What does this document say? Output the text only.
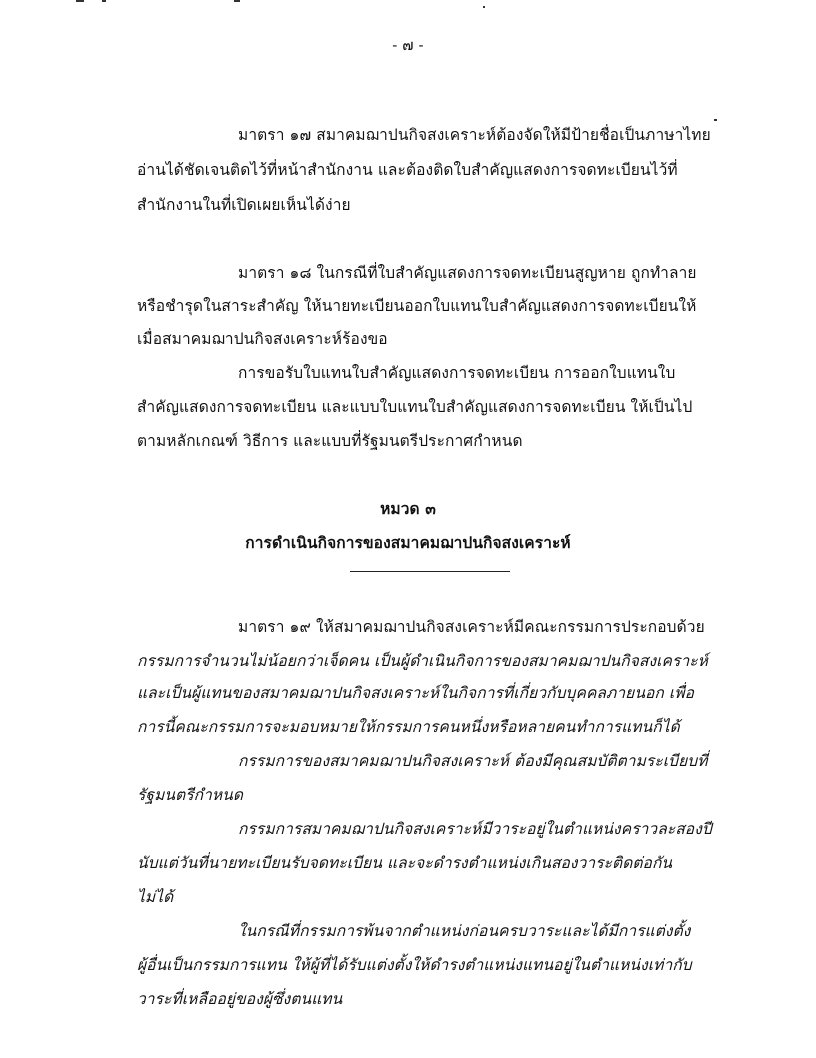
- ๗ -
มาตรา ๑๗ สมาคมฌาปนกิจสงเคราะห์ต้องจัดให้มีป้ายชื่อเป็นภาษาไทย
อ่านได้ชัดเจนติดไว้ที่หน้าสำนักงาน และต้องติดใบสำคัญแสดงการจดทะเบียนไว้ที่
สำนักงานในที่เปิดเผยเห็นได้ง่าย
มาตรา ๑๘ ในกรณีที่ใบสำคัญแสดงการจดทะเบียนสูญหาย ถูกทำลาย
หรือชำรุดในสาระสำคัญ ให้นายทะเบียนออกใบแทนใบสำคัญแสดงการจดทะเบียนให้
เมื่อสมาคมฌาปนกิจสงเคราะห์ร้องขอ
การขอรับใบแทนใบสำคัญแสดงการจดทะเบียน การออกใบแทนใบ
สำคัญแสดงการจดทะเบียน และแบบใบแทนใบสำคัญแสดงการจดทะเบียน ให้เป็นไป
ตามหลักเกณฑ์ วิธีการ และแบบที่รัฐมนตรีประกาศกำหนด
หมวด ๓
การดำเนินกิจการของสมาคมฌาปนกิจสงเคราะห์
มาตรา ๑๙ ให้สมาคมฌาปนกิจสงเคราะห์มีคณะกรรมการประกอบด้วย
กรรมการจำนวนไม่น้อยกว่าเจ็ดคน เป็นผู้ดำเนินกิจการของสมาคมฌาปนกิจสงเคราะห์
และเป็นผู้แทนของสมาคมฌาปนกิจสงเคราะห์ในกิจการที่เกี่ยวกับบุคคลภายนอก เพื่อ
การนี้คณะกรรมการจะมอบหมายให้กรรมการคนหนึ่งหรือหลายคนทำการแทนก็ได้
กรรมการของสมาคมฌาปนกิจสงเคราะห์ ต้องมีคุณสมบัติตามระเบียบที่
รัฐมนตรีกำหนด
กรรมการสมาคมฌาปนกิจสงเคราะห์มีวาระอยู่ในตำแหน่งคราวละสองปี
นับแต่วันที่นายทะเบียนรับจดทะเบียน และจะดำรงตำแหน่งเกินสองวาระติดต่อกัน
ไม่ได้
ในกรณีที่กรรมการพ้นจากตำแหน่งก่อนครบวาระและได้มีการแต่งตั้ง
ผู้อื่นเป็นกรรมการแทน ให้ผู้ที่ได้รับแต่งตั้งให้ดำรงตำแหน่งแทนอยู่ในตำแหน่งเท่ากับ
วาระที่เหลืออยู่ของผู้ซึ่งตนแทน
